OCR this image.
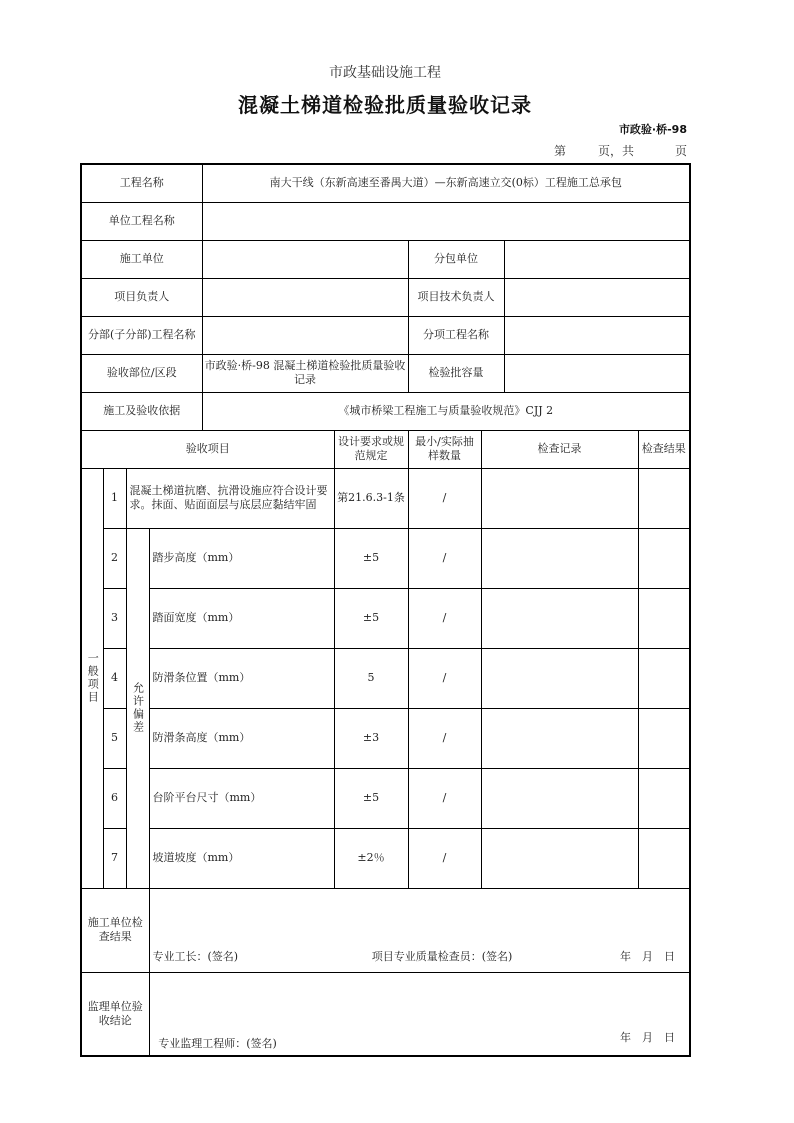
市政基础设施工程
混凝土梯道检验批质量验收记录
市政验·桥-98
第	页，共	页
工程名称				南大干线（东新高速至番禺大道）—东新高速立交(0标）工程施工总承包					
单位工程名称									
施工单位						分包单位			
项目负责人						项目技术负责人			
分部(子分部)工程名称						分项工程名称			
验收部位/区段				市政验·桥-98 混凝土梯道检验批质量验收记录		检验批容量			
施工及验收依据				《城市桥梁工程施工与质量验收规范》CJJ 2					
验收项目					设计要求或规范规定	最小/实际抽样数量	检查记录		检查结果

一般项目	1	混凝土梯道抗磨、抗滑设施应符合设计要求。抹面、贴面面层与底层应黏结牢固			第21.6.3-1条	/			
	2	允许偏差	踏步高度（mm）		±5	/			
	3		踏面宽度（mm）		±5	/			
	4		防滑条位置（mm）		5	/			
	5		防滑条高度（mm）		±3	/			
	6		台阶平台尺寸（mm）		±5	/			
	7		坡道坡度（mm）		±2％	/			
施工单位检查结果			专业工长：(签名) 项目专业质量检查员：(签名) 年　月　日						

监理单位验收结论			专业监理工程师：(签名) 年　月　日						
